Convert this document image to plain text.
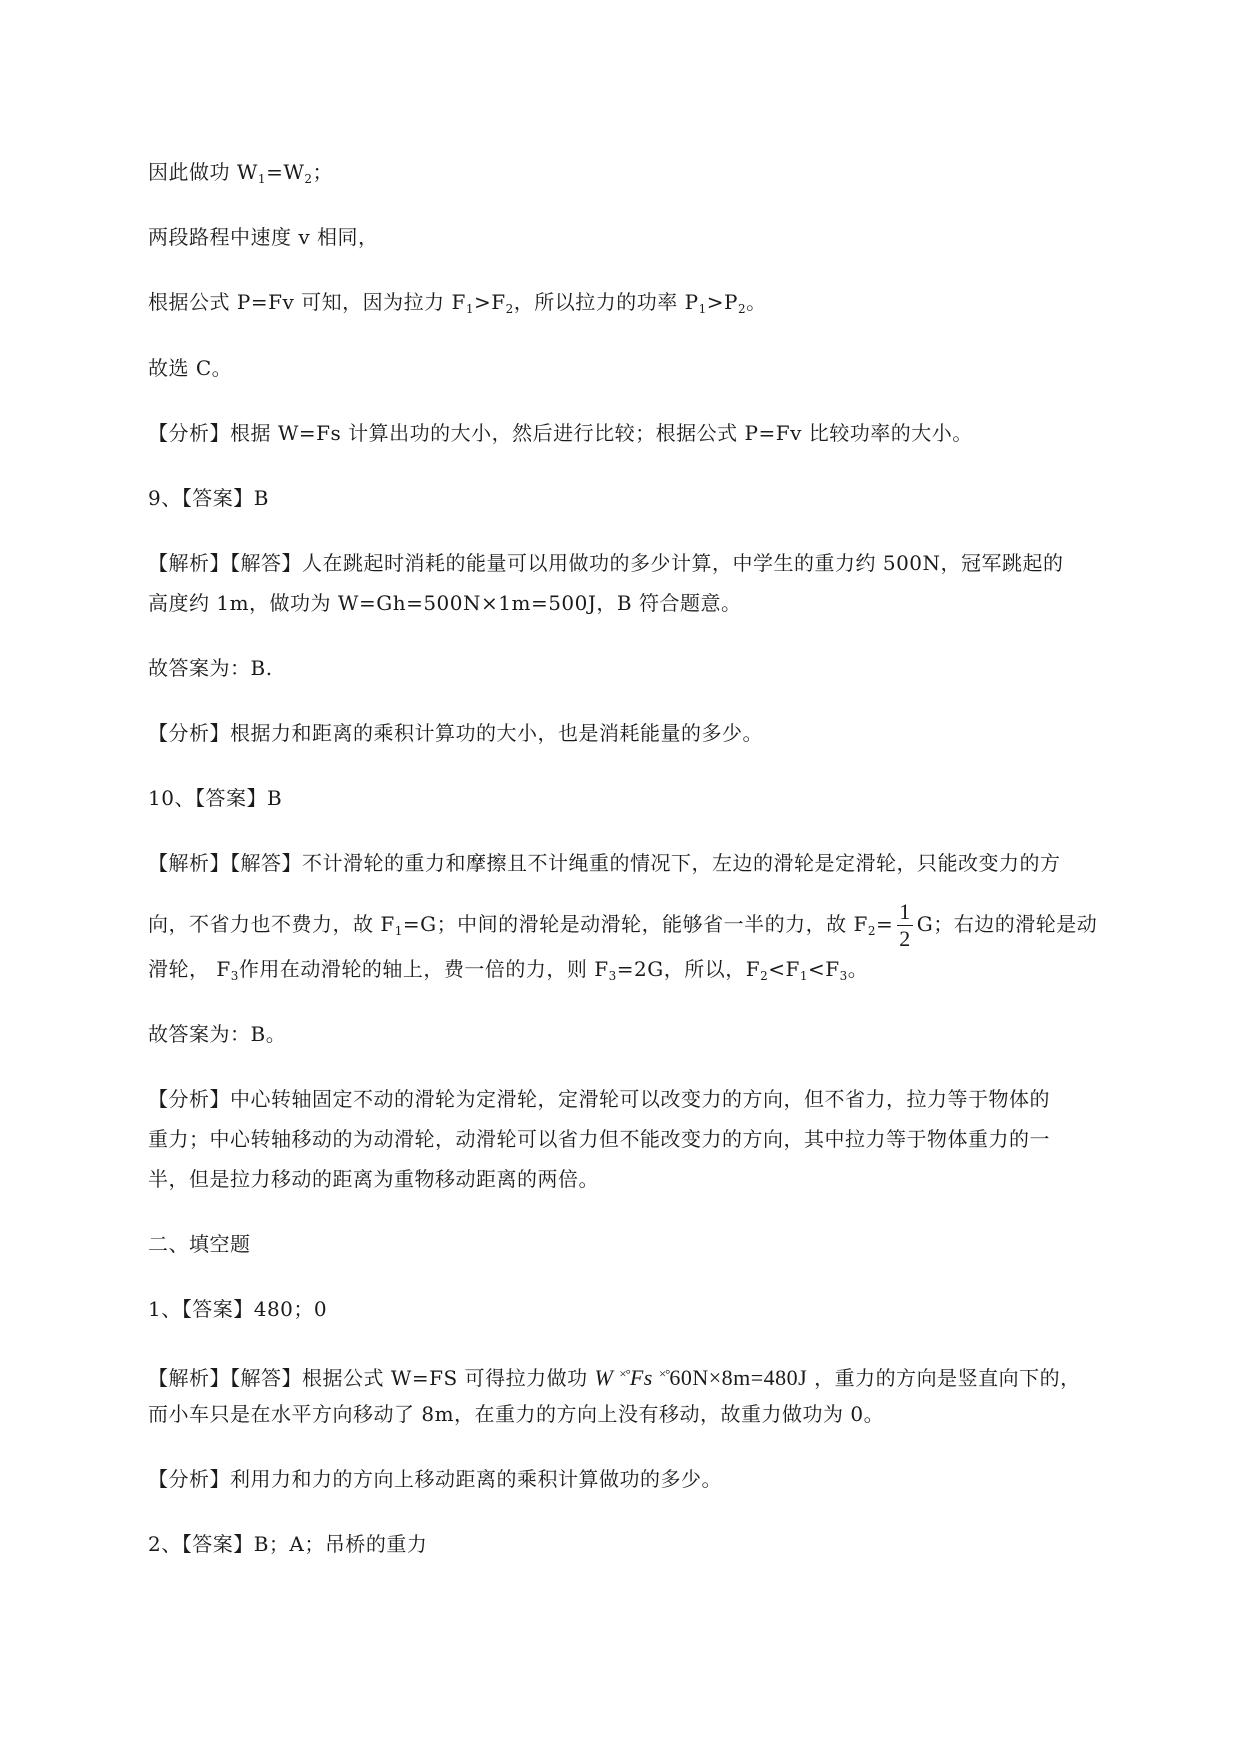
因此做功 $W_1=W_2$；
两段路程中速度 v 相同，
根据公式 P=Fv 可知，因为拉力 $F_1>F_2$，所以拉力的功率 $P_1>P_2$。
故选 C。
【分析】根据 W=Fs 计算出功的大小，然后进行比较；根据公式 P=Fv 比较功率的大小。
9、【答案】B
【解析】【解答】人在跳起时消耗的能量可以用做功的多少计算，中学生的重力约 500N，冠军跳起的
高度约 1m，做功为 W=Gh=500N×1m=500J，B 符合题意。
故答案为：B.
【分析】根据力和距离的乘积计算功的大小，也是消耗能量的多少。
10、【答案】B
【解析】【解答】不计滑轮的重力和摩擦且不计绳重的情况下，左边的滑轮是定滑轮，只能改变力的方
向，不省力也不费力，故 $F_1=G$；中间的滑轮是动滑轮，能够省一半的力，故 $F_2= \frac{1}{2}$ G；右边的滑轮是动
滑轮， $F_3$作用在动滑轮的轴上，费一倍的力，则 $F_3=2G$，所以，$F_2<F_1<F_3$。
故答案为：B。
【分析】中心转轴固定不动的滑轮为定滑轮，定滑轮可以改变力的方向，但不省力，拉力等于物体的
重力；中心转轴移动的为动滑轮，动滑轮可以省力但不能改变力的方向，其中拉力等于物体重力的一
半，但是拉力移动的距离为重物移动距离的两倍。
二、填空题
1、【答案】480；0
【解析】【解答】根据公式 W=FS 可得拉力做功 W ×°Fs ×°60N×8m=480J ，重力的方向是竖直向下的，
而小车只是在水平方向移动了 8m，在重力的方向上没有移动，故重力做功为 0。
【分析】利用力和力的方向上移动距离的乘积计算做功的多少。
2、【答案】B；A；吊桥的重力
